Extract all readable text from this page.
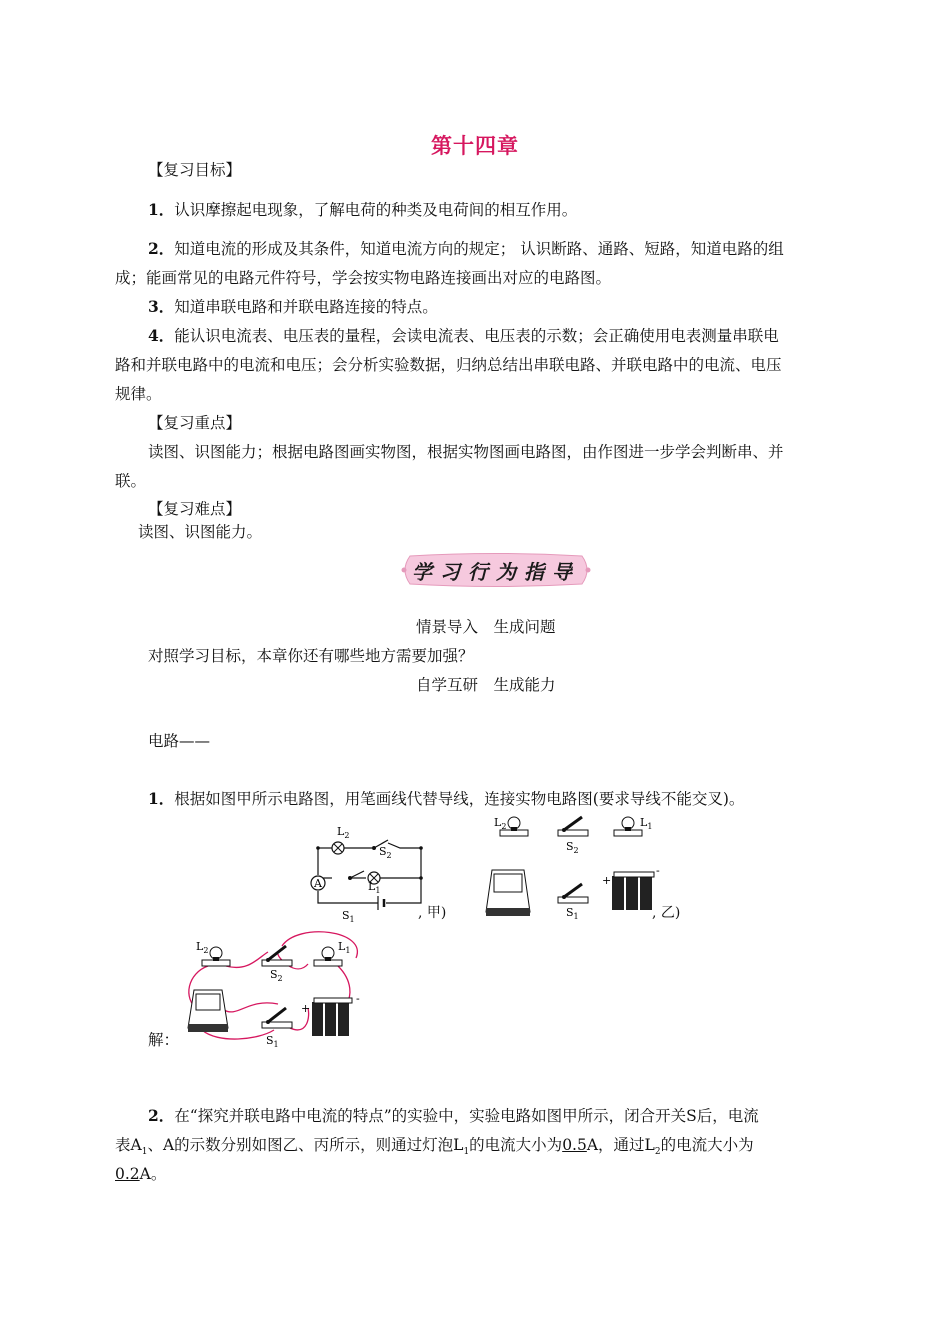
第十四章
【复习目标】
1．认识摩擦起电现象，了解电荷的种类及电荷间的相互作用。
2．知道电流的形成及其条件，知道电流方向的规定； 认识断路、通路、短路，知道电路的组
成；能画常见的电路元件符号，学会按实物电路连接画出对应的电路图。
3．知道串联电路和并联电路连接的特点。
4．能认识电流表、电压表的量程，会读电流表、电压表的示数；会正确使用电表测量串联电
路和并联电路中的电流和电压；会分析实验数据，归纳总结出串联电路、并联电路中的电流、电压
规律。
【复习重点】
读图、识图能力；根据电路图画实物图，根据实物图画电路图，由作图进一步学会判断串、并
联。
【复习难点】
读图、识图能力。
学习行为指导
情景导入　生成问题
对照学习目标，本章你还有哪些地方需要加强？
自学互研　生成能力
电路——
1．根据如图甲所示电路图，用笔画线代替导线，连接实物电路图(要求导线不能交叉)。
A
$L_2$
$S_2$
$L_1$
$S_1$	, 甲)
$L_2$
$S_2$
$L_1$
$S_1$
+
-
, 乙)
解：
$L_2$
$S_2$
$L_1$
$S_1$
+
-
2．在“探究并联电路中电流的特点”的实验中，实验电路如图甲所示，闭合开关S后，电流
表$A_1$、A的示数分别如图乙、丙所示，则通过灯泡$L_1$的电流大小为0.5A，通过$L_2$的电流大小为
0.2A。
